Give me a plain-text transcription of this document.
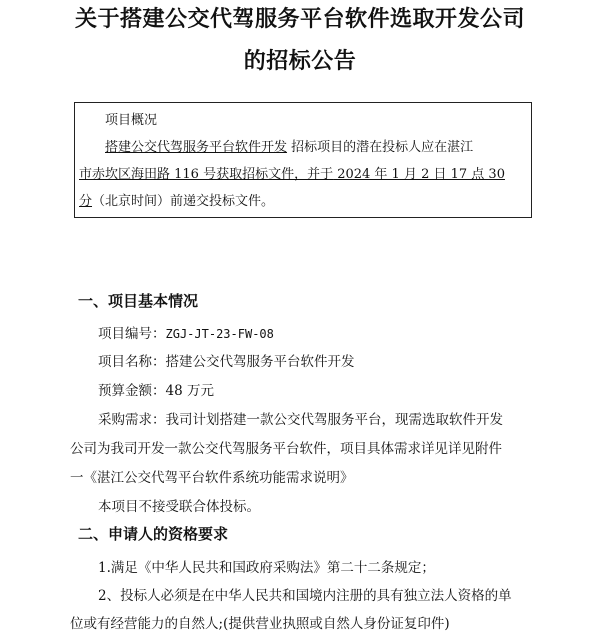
关于搭建公交代驾服务平台软件选取开发公司
的招标公告
项目概况
搭建公交代驾服务平台软件开发 招标项目的潜在投标人应在湛江
市赤坎区海田路 116 号获取招标文件，并于 2024 年 1 月 2 日 17 点 30
分（北京时间）前递交投标文件。
一、项目基本情况
项目编号：ZGJ-JT-23-FW-08
项目名称：搭建公交代驾服务平台软件开发
预算金额：48 万元
采购需求：我司计划搭建一款公交代驾服务平台，现需选取软件开发
公司为我司开发一款公交代驾服务平台软件，项目具体需求详见详见附件
一《湛江公交代驾平台软件系统功能需求说明》
本项目不接受联合体投标。
二、申请人的资格要求
1.满足《中华人民共和国政府采购法》第二十二条规定；
2、投标人必须是在中华人民共和国境内注册的具有独立法人资格的单
位或有经营能力的自然人;(提供营业执照或自然人身份证复印件)
